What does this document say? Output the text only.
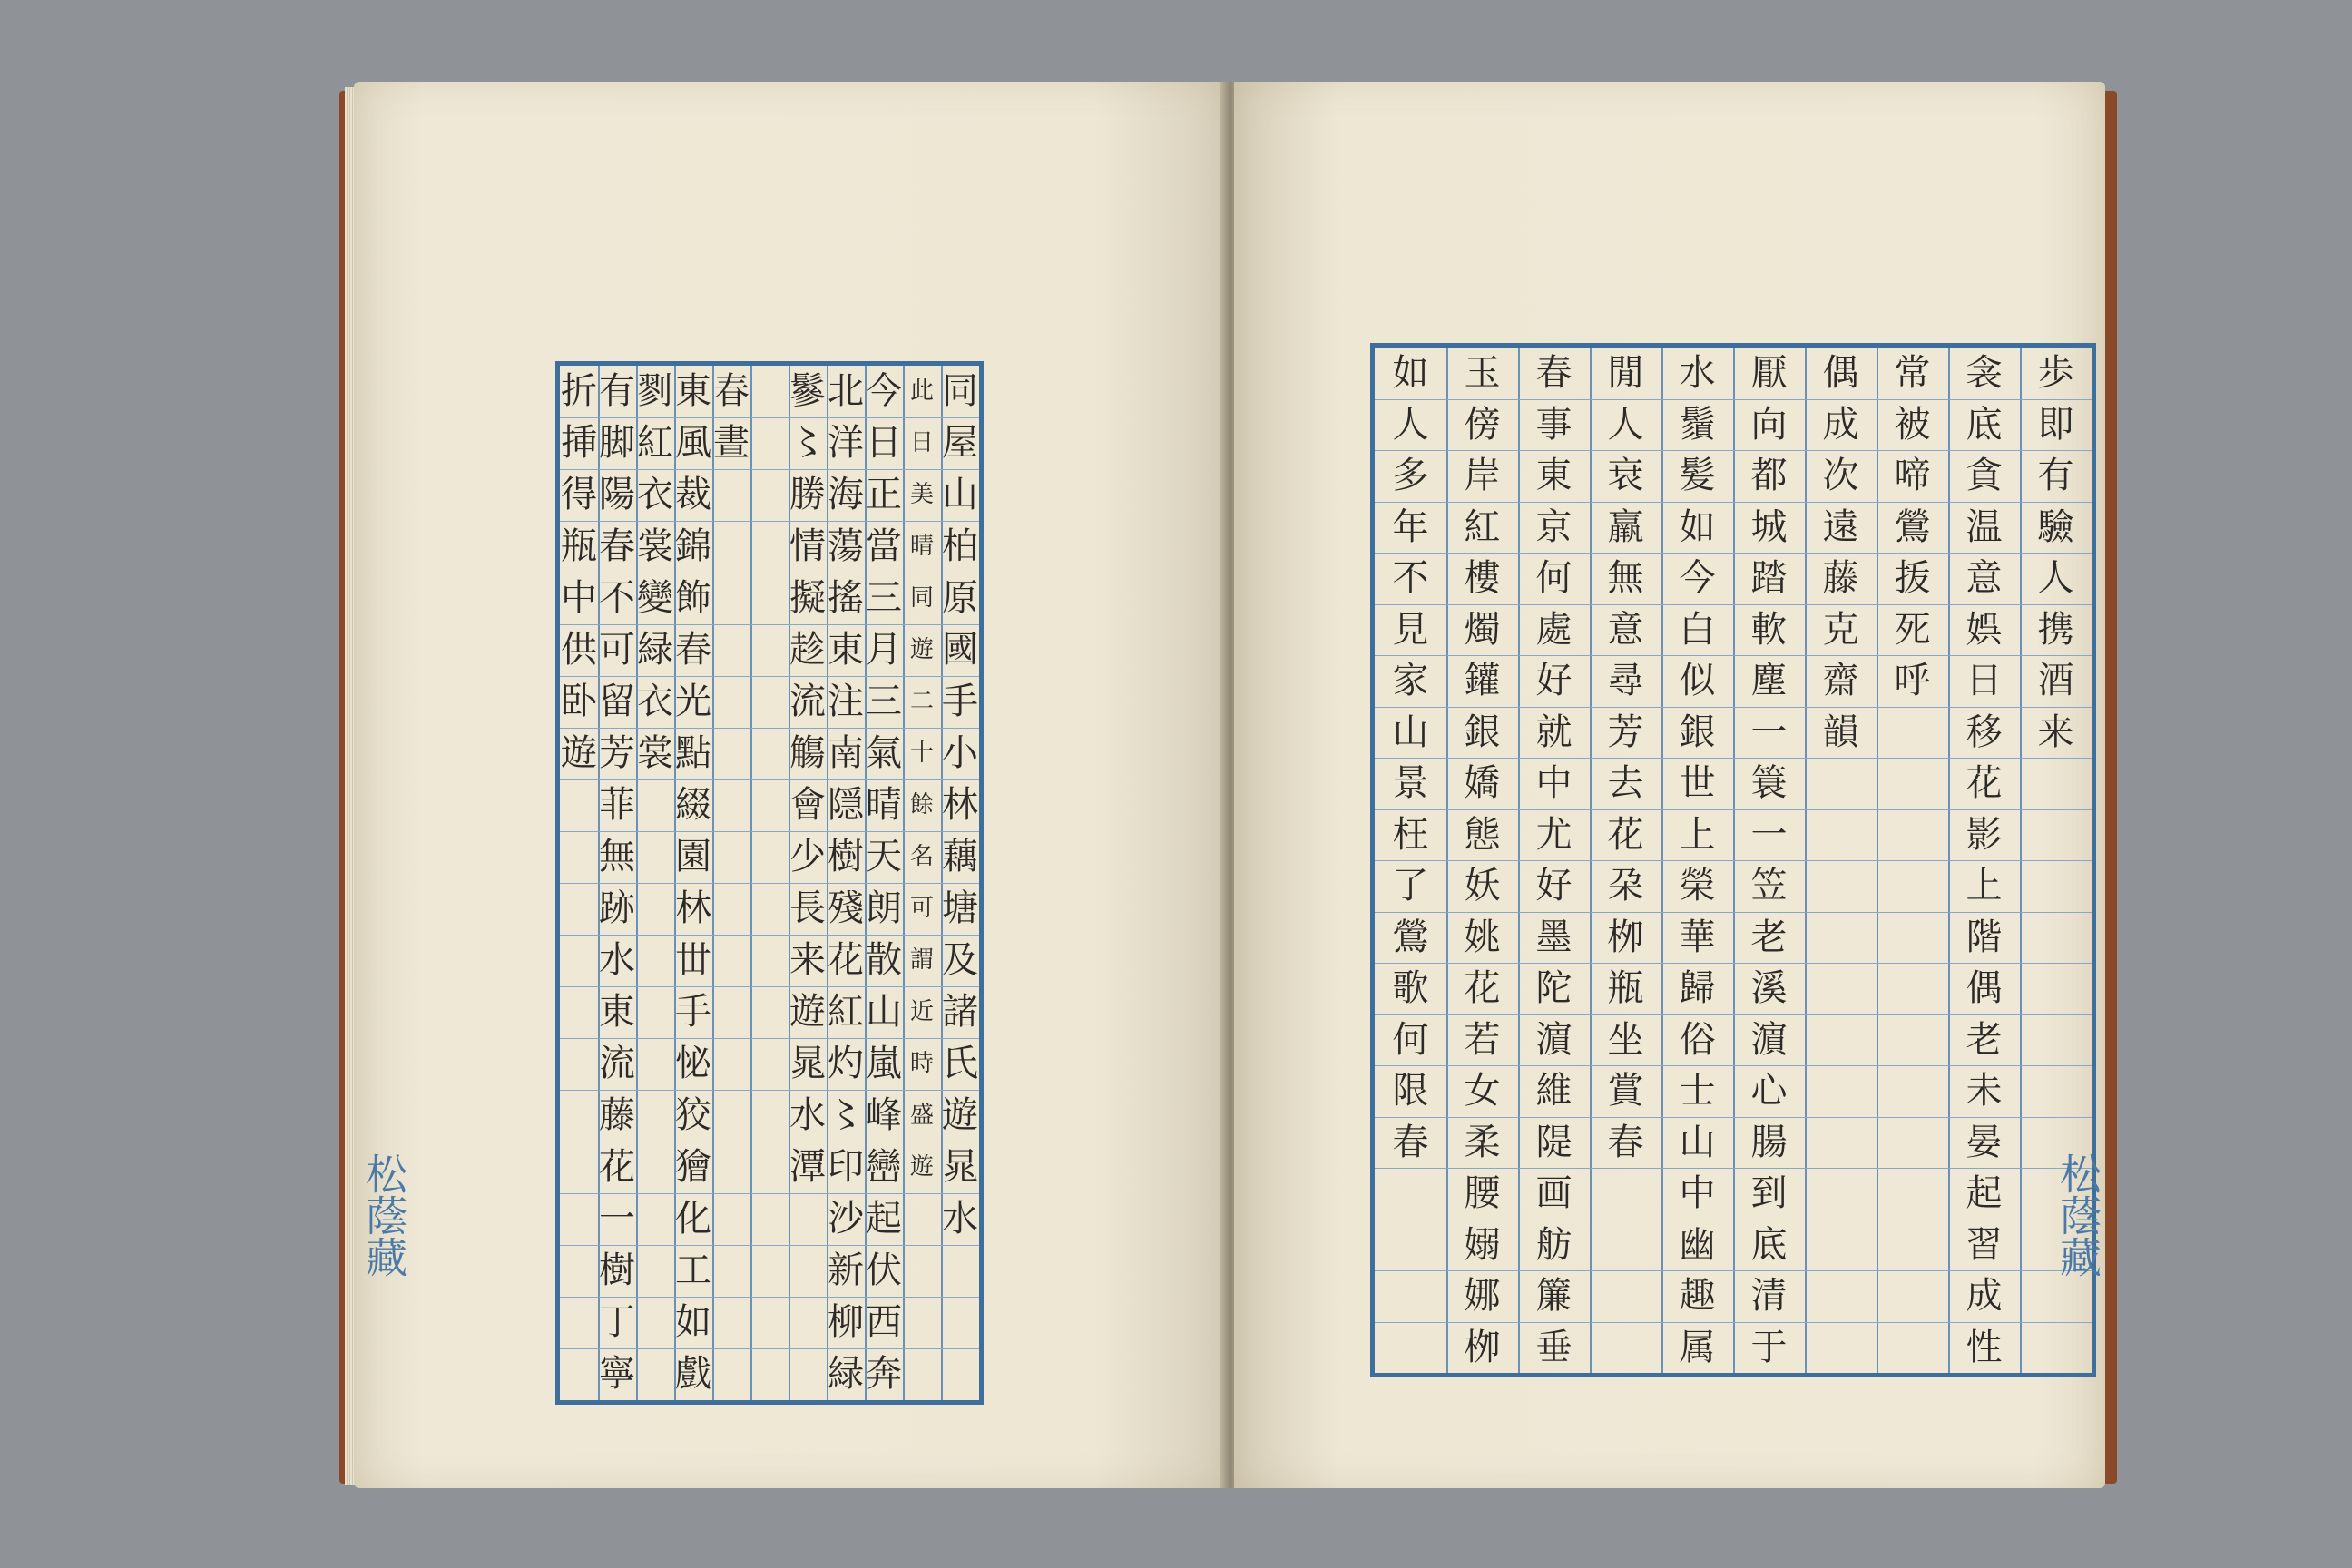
同
屋
山
柏
原
國
手
小
林
藕
塘
及
諸
氏
遊
晁
水
此
日
美
晴
同
遊
二
十
餘
名
可
謂
近
時
盛
遊
今
日
正
當
三
月
三
氣
晴
天
朗
散
山
嵐
峰
巒
起
伏
西
奔
北
洋
海
蕩
搖
東
注
南
隠
樹
殘
花
紅
灼
〻
印
沙
新
柳
緑
鬖
〻
勝
情
擬
趁
流
觴
會
少
長
来
遊
晁
水
潭
春
晝
東
風
裁
錦
飾
春
光
點
綴
園
林
丗
手
怭
狡
獪
化
工
如
戲
剹
紅
衣
裳
變
緑
衣
裳
有
脚
陽
春
不
可
留
芳
菲
無
跡
水
東
流
藤
花
一
樹
丁
寧
折
挿
得
瓶
中
供
卧
遊
松蔭藏
歩
即
有
驗
人
携
酒
来
衾
底
貪
温
意
娯
日
移
花
影
上
階
偶
老
未
晏
起
習
成
性
常
被
啼
鶯
㧞
死
呼
偶
成
次
遠
藤
克
齋
韻
厭
向
都
城
踏
軟
塵
一
簑
一
笠
老
溪
濵
心
腸
到
底
清
于
水
鬚
髪
如
今
白
似
銀
世
上
榮
華
歸
俗
士
山
中
幽
趣
属
閒
人
衰
羸
無
意
尋
芳
去
花
朶
栁
瓶
坐
賞
春
春
事
東
京
何
處
好
就
中
尤
好
墨
陀
濵
維
隄
画
舫
簾
垂
玉
傍
岸
紅
樓
燭
鑵
銀
嬌
態
妖
姚
花
若
女
柔
腰
嫋
娜
栁
如
人
多
年
不
見
家
山
景
枉
了
鶯
歌
何
限
春
松蔭藏
